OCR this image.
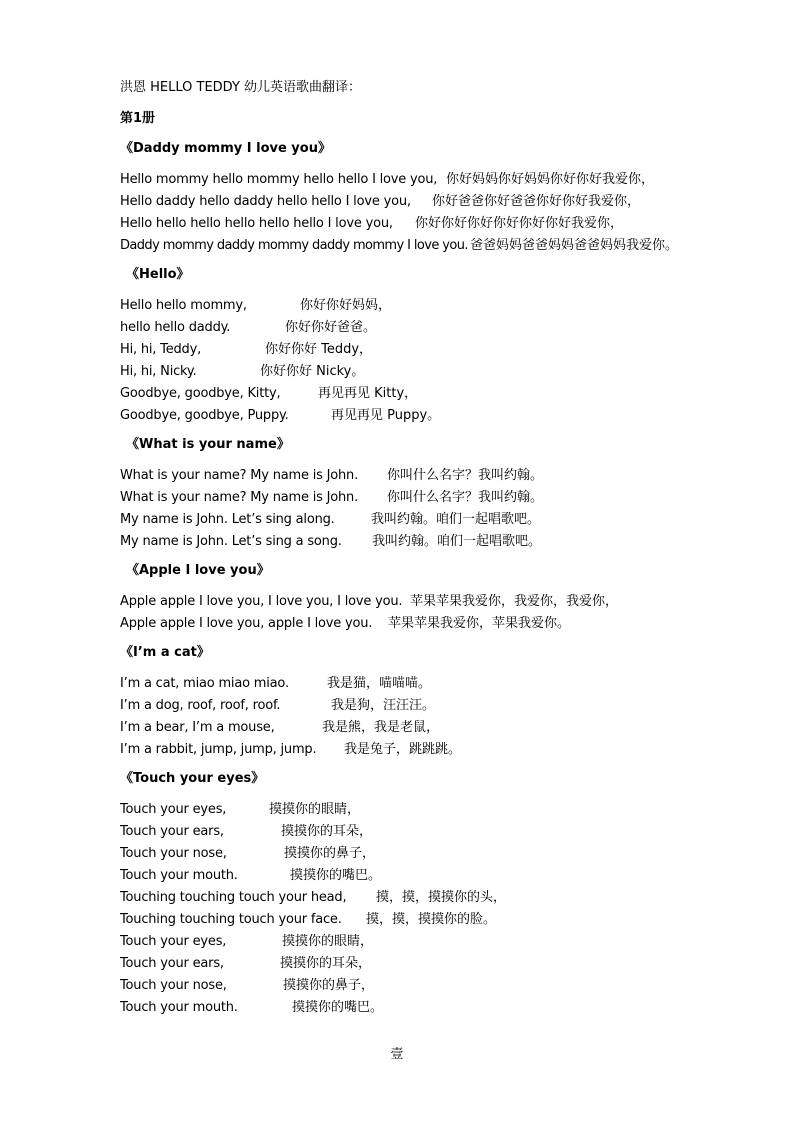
洪恩 HELLO TEDDY 幼儿英语歌曲翻译：
第1册
《Daddy mommy I love you》
Hello mommy hello mommy hello hello I love you, 你好妈妈你好妈妈你好你好我爱你，
Hello daddy hello daddy hello hello I love you, 你好爸爸你好爸爸你好你好我爱你，
Hello hello hello hello hello hello I love you, 你好你好你好你好你好你好我爱你，
Daddy mommy daddy mommy daddy mommy I love you. 爸爸妈妈爸爸妈妈爸爸妈妈我爱你。
《Hello》
Hello hello mommy,	你好你好妈妈，
hello hello daddy.	你好你好爸爸。
Hi, hi, Teddy,	你好你好 Teddy，
Hi, hi, Nicky.	你好你好 Nicky。
Goodbye, goodbye, Kitty,	再见再见 Kitty，
Goodbye, goodbye, Puppy.	再见再见 Puppy。
《What is your name》
What is your name? My name is John. 你叫什么名字？我叫约翰。
What is your name? My name is John. 你叫什么名字？我叫约翰。
My name is John. Let’s sing along.	我叫约翰。咱们一起唱歌吧。
My name is John. Let’s sing a song. 我叫约翰。咱们一起唱歌吧。
《Apple I love you》
Apple apple I love you, I love you, I love you. 苹果苹果我爱你，我爱你，我爱你，
Apple apple I love you, apple I love you. 苹果苹果我爱你，苹果我爱你。
《I’m a cat》
I’m a cat, miao miao miao.	我是猫，喵喵喵。
I’m a dog, roof, roof, roof.	我是狗，汪汪汪。
I’m a bear, I’m a mouse,	我是熊，我是老鼠，
I’m a rabbit, jump, jump, jump. 我是兔子，跳跳跳。
《Touch your eyes》
Touch your eyes,	摸摸你的眼睛，
Touch your ears,	摸摸你的耳朵，
Touch your nose,	摸摸你的鼻子，
Touch your mouth.	摸摸你的嘴巴。
Touching touching touch your head, 摸，摸，摸摸你的头，
Touching touching touch your face. 摸，摸，摸摸你的脸。
Touch your eyes,	摸摸你的眼睛，
Touch your ears,	摸摸你的耳朵，
Touch your nose,	摸摸你的鼻子，
Touch your mouth.	摸摸你的嘴巴。
壹
